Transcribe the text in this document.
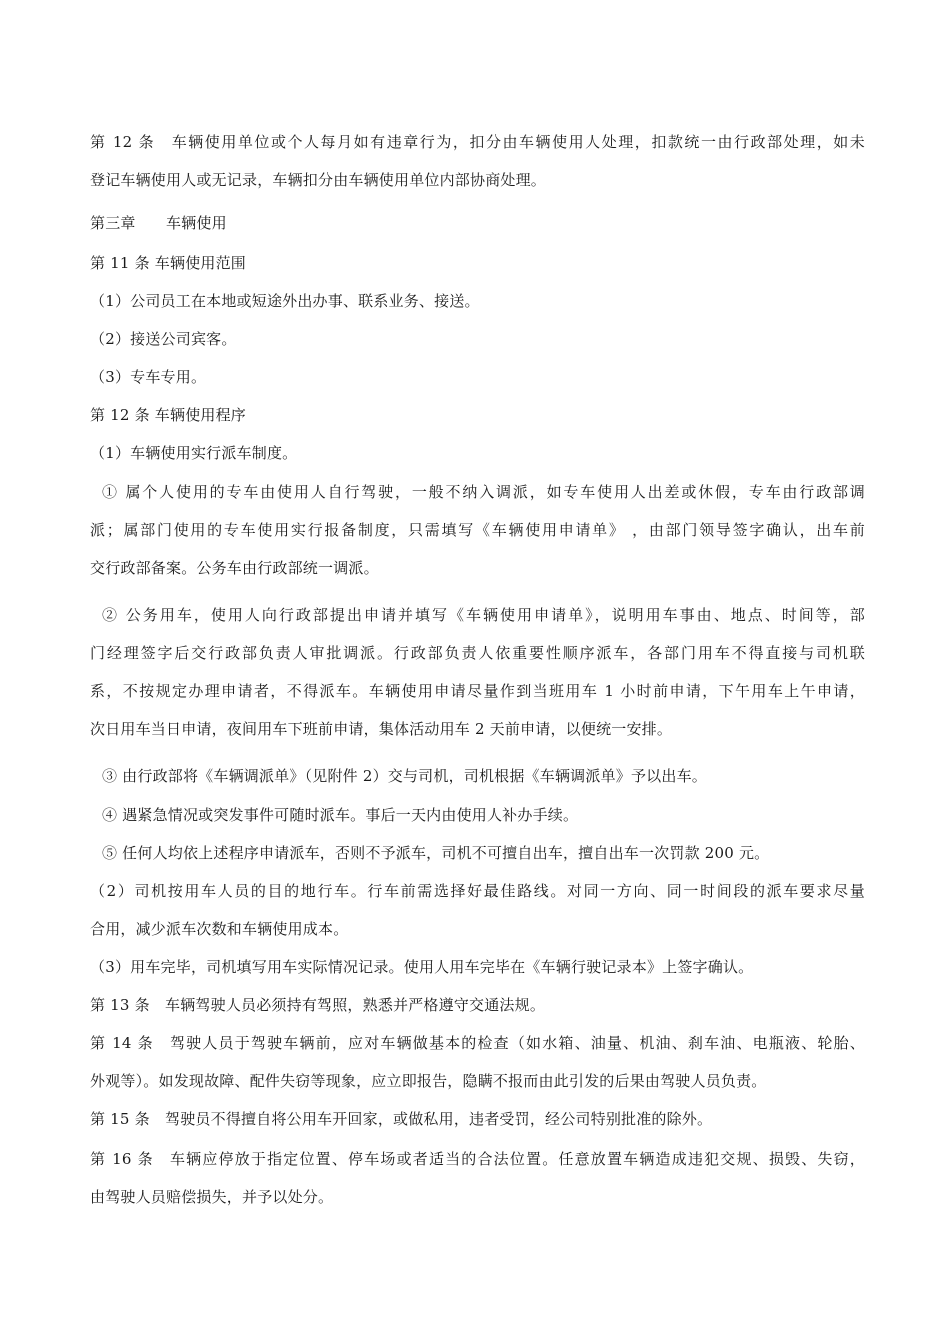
第 12 条　车辆使用单位或个人每月如有违章行为，扣分由车辆使用人处理，扣款统一由行政部处理，如未
登记车辆使用人或无记录，车辆扣分由车辆使用单位内部协商处理。
第三章　　车辆使用
第 11 条 车辆使用范围
（1）公司员工在本地或短途外出办事、联系业务、接送。
（2）接送公司宾客。
（3）专车专用。
第 12 条 车辆使用程序
（1）车辆使用实行派车制度。
① 属个人使用的专车由使用人自行驾驶，一般不纳入调派，如专车使用人出差或休假，专车由行政部调
派；属部门使用的专车使用实行报备制度，只需填写《车辆使用申请单》 ，由部门领导签字确认，出车前
交行政部备案。公务车由行政部统一调派。
② 公务用车，使用人向行政部提出申请并填写《车辆使用申请单》，说明用车事由、地点、时间等，部
门经理签字后交行政部负责人审批调派。行政部负责人依重要性顺序派车，各部门用车不得直接与司机联
系，不按规定办理申请者，不得派车。车辆使用申请尽量作到当班用车 1 小时前申请，下午用车上午申请，
次日用车当日申请，夜间用车下班前申请，集体活动用车 2 天前申请，以便统一安排。
③ 由行政部将《车辆调派单》（见附件 2）交与司机，司机根据《车辆调派单》予以出车。
④ 遇紧急情况或突发事件可随时派车。事后一天内由使用人补办手续。
⑤ 任何人均依上述程序申请派车，否则不予派车，司机不可擅自出车，擅自出车一次罚款 200 元。
（2）司机按用车人员的目的地行车。行车前需选择好最佳路线。对同一方向、同一时间段的派车要求尽量
合用，减少派车次数和车辆使用成本。
（3）用车完毕，司机填写用车实际情况记录。使用人用车完毕在《车辆行驶记录本》上签字确认。
第 13 条　车辆驾驶人员必须持有驾照，熟悉并严格遵守交通法规。
第 14 条　驾驶人员于驾驶车辆前，应对车辆做基本的检查（如水箱、油量、机油、刹车油、电瓶液、轮胎、
外观等）。如发现故障、配件失窃等现象，应立即报告，隐瞒不报而由此引发的后果由驾驶人员负责。
第 15 条　驾驶员不得擅自将公用车开回家，或做私用，违者受罚，经公司特别批准的除外。
第 16 条　车辆应停放于指定位置、停车场或者适当的合法位置。任意放置车辆造成违犯交规、损毁、失窃，
由驾驶人员赔偿损失，并予以处分。
